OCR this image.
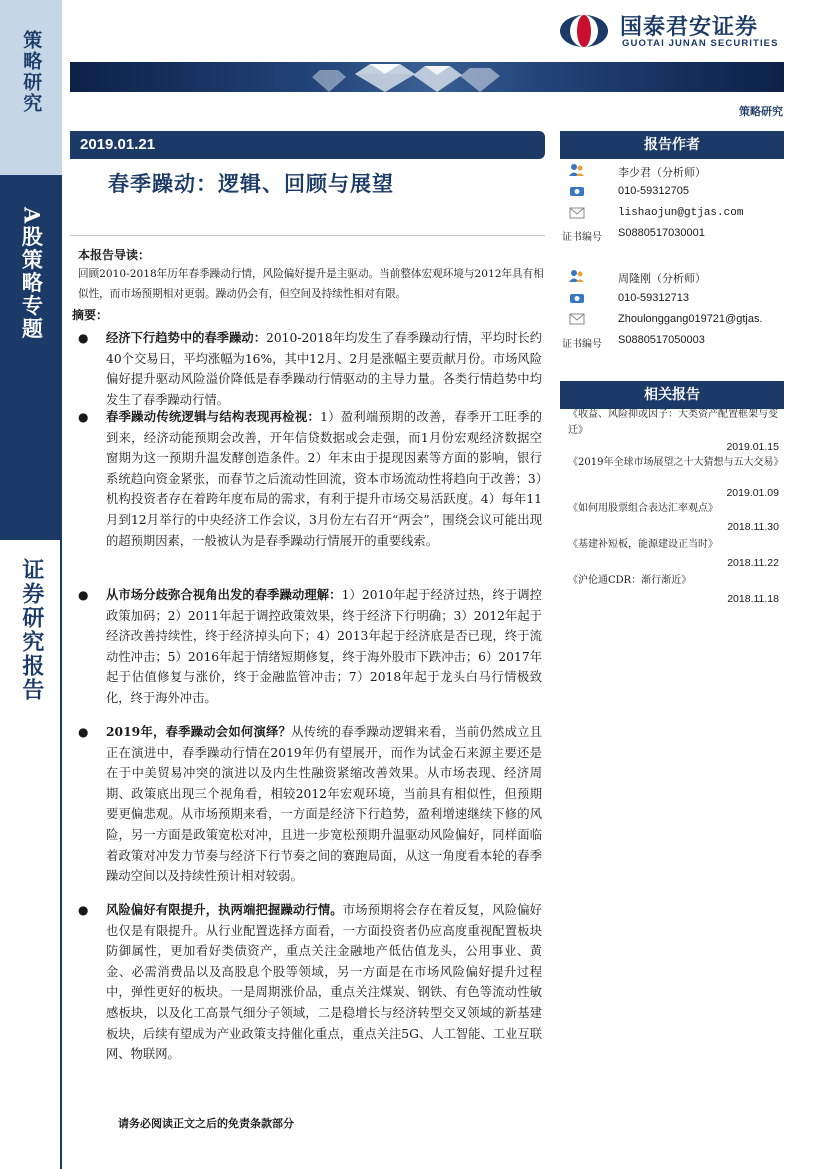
策略研究
A股策略专题
证券研究报告
国泰君安证券
GUOTAI JUNAN SECURITIES
策略研究
2019.01.21
春季躁动：逻辑、回顾与展望
本报告导读：
回顾2010-2018年历年春季躁动行情，风险偏好提升是主驱动。当前整体宏观环境与2012年具有相似性，而市场预期相对更弱。躁动仍会有，但空间及持续性相对有限。
摘要：
● 经济下行趋势中的春季躁动：2010-2018年均发生了春季躁动行情，平均时长约40个交易日，平均涨幅为16%，其中12月、2月是涨幅主要贡献月份。市场风险偏好提升驱动风险溢价降低是春季躁动行情驱动的主导力量。各类行情趋势中均发生了春季躁动行情。
● 春季躁动传统逻辑与结构表现再检视：1）盈利端预期的改善，春季开工旺季的到来，经济动能预期会改善，开年信贷数据或会走强，而1月份宏观经济数据空窗期为这一预期升温发酵创造条件。2）年末由于提现因素等方面的影响，银行系统趋向资金紧张，而春节之后流动性回流，资本市场流动性将趋向于改善；3）机构投资者存在着跨年度布局的需求，有利于提升市场交易活跃度。4）每年11月到12月举行的中央经济工作会议，3月份左右召开“两会”，围绕会议可能出现的超预期因素，一般被认为是春季躁动行情展开的重要线索。
● 从市场分歧弥合视角出发的春季躁动理解：1）2010年起于经济过热，终于调控政策加码；2）2011年起于调控政策效果，终于经济下行明确；3）2012年起于经济改善持续性，终于经济掉头向下；4）2013年起于经济底是否已现，终于流动性冲击；5）2016年起于情绪短期修复，终于海外股市下跌冲击；6）2017年起于估值修复与涨价，终于金融监管冲击；7）2018年起于龙头白马行情极致化，终于海外冲击。
● 2019年，春季躁动会如何演绎？从传统的春季躁动逻辑来看，当前仍然成立且正在演进中，春季躁动行情在2019年仍有望展开，而作为试金石来源主要还是在于中美贸易冲突的演进以及内生性融资紧缩改善效果。从市场表现、经济周期、政策底出现三个视角看，相较2012年宏观环境，当前具有相似性，但预期要更偏悲观。从市场预期来看，一方面是经济下行趋势，盈利增速继续下修的风险，另一方面是政策宽松对冲，且进一步宽松预期升温驱动风险偏好，同样面临着政策对冲发力节奏与经济下行节奏之间的赛跑局面，从这一角度看本轮的春季躁动空间以及持续性预计相对较弱。
● 风险偏好有限提升，执两端把握躁动行情。市场预期将会存在着反复，风险偏好也仅是有限提升。从行业配置选择方面看，一方面投资者仍应高度重视配置板块防御属性，更加看好类债资产，重点关注金融地产低估值龙头，公用事业、黄金、必需消费品以及高股息个股等领域，另一方面是在市场风险偏好提升过程中，弹性更好的板块。一是周期涨价品，重点关注煤炭、钢铁、有色等流动性敏感板块，以及化工高景气细分子领域，二是稳增长与经济转型交叉领域的新基建板块，后续有望成为产业政策支持催化重点，重点关注5G、人工智能、工业互联网、物联网。
请务必阅读正文之后的免责条款部分
报告作者
李少君（分析师）
010-59312705
lishaojun@gtjas.com
证书编号 S0880517030001
周隆刚（分析师）
010-59312713
Zhoulonggang019721@gtjas.
证书编号 S0880517050003
相关报告
《收益、风险抑或因子：大类资产配置框架与变迁》
2019.01.15
《2019年全球市场展望之十大猜想与五大交易》
2019.01.09
《如何用股票组合表达汇率观点》
2018.11.30
《基建补短板，能源建设正当时》
2018.11.22
《沪伦通CDR：渐行渐近》
2018.11.18
